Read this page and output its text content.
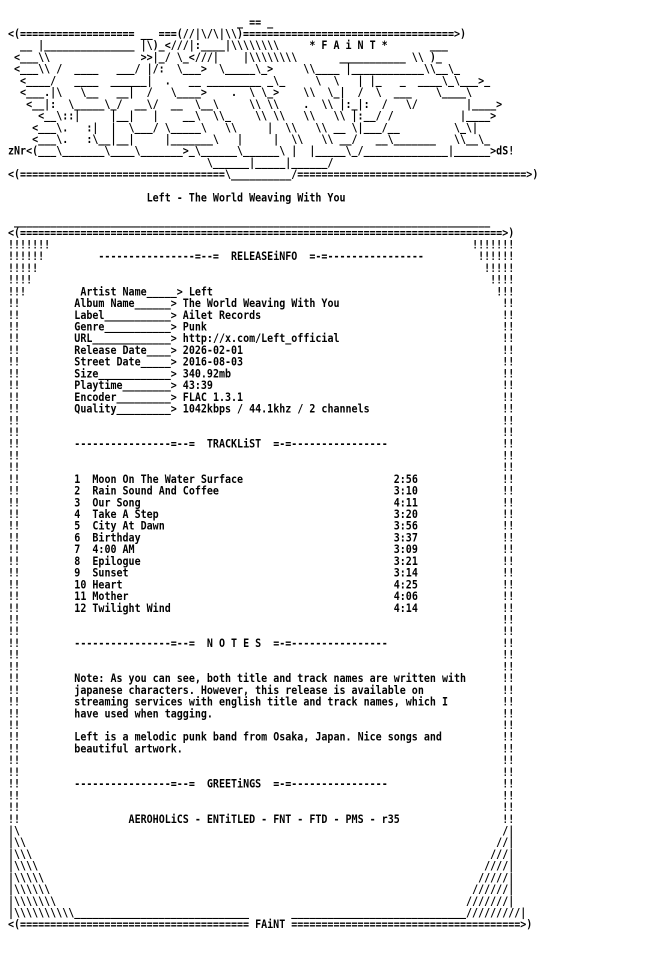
_ == _
<(=================== __ ===(//|\/\|\\)===================================>)
__ |_______________ |\)_<///|:____|\\\\\\\\     * F A i N T *       ___
<___\\               >>|_/ \_<///|    |\\\\\\\\       ___________ \\ )_
<___\\ /  ____   ___/ |/:  \___>  \_____\_>     \\____ |____________\\__\_
<____/   ____  ______|  .   __ _________ _\_     \  \   | |_   _  ____\_\___>_
<___.|\   \__   __|  /   \____>    .  \ \_>    \\  \_|  /  \  ___    \____\
<__|:  \_____\_/  __\/  __  \__\     \\ \\    .  \\ |:_|:  /   \/        |____>
<__\::|     |__|   |    __\  \\_    \\ \\   \\   \\ |:__/ /           |____>
<___\.   :|  |  \___/ \_____\   \\     |  \\   \\ __ \|___/__         \_\|
<___\.   :\__|__|     |_______\   |     |  \\   \\ __/   __\_______   \\__\_
zNr<(___\_______\____\_______>_\______\______\ |  |_____\_/______________|______>dS!
\______|_____|______/
<(==================================\__________/======================================>)
Left - The World Weaving With You
_______________________________________________________________________________
<(================================================================================>)
!!!!!!!	!!!!!!!
!!!!!!         ----------------=--=  RELEASEiNFO  =-=----------------	!!!!!!
!!!!!	!!!!!
!!!!	!!!!
!!!	Artist Name_____> Left	!!!
!!	Album Name______> The World Weaving With You	!!
!!	Label___________> Ailet Records	!!
!!	Genre___________> Punk	!!
!!	URL_____________> http://x.com/Left_official	!!
!!	Release Date____> 2026-02-01	!!
!!	Street Date_____> 2016-08-03	!!
!!	Size____________> 340.92mb	!!
!!	Playtime________> 43:39	!!
!!	Encoder_________> FLAC 1.3.1	!!
!!	Quality_________> 1042kbps / 44.1khz / 2 channels	!!
!!	!!
!!	!!
!!         ----------------=--=  TRACKLiST  =-=----------------	!!
!!	!!
!!	!!
!!	1 Moon On The Water Surface	2:56	!!
!!	2 Rain Sound And Coffee	3:10	!!
!!	3 Our Song	4:11	!!
!!	4 Take A Step	3:20	!!
!!	5 City At Dawn	3:56	!!
!!	6 Birthday	3:37	!!
!!	7 4:00 AM	3:09	!!
!!	8 Epilogue	3:21	!!
!!	9 Sunset	3:14	!!
!!	10 Heart	4:25	!!
!!	11 Mother	4:06	!!
!!	12 Twilight Wind	4:14	!!
!!	!!
!!	!!
!!         ----------------=--=  N O T E S  =-=----------------	!!
!!	!!
!!	!!
!!	Note: As you can see, both title and track names are written with	!!
!!	japanese characters. However, this release is available on	!!
!!	streaming services with english title and track names, which I	!!
!!	have used when tagging.	!!
!!	!!
!!	Left is a melodic punk band from Osaka, Japan. Nice songs and	!!
!!	beautiful artwork.	!!
!!	!!
!!	!!
!!         ----------------=--=  GREETiNGS  =-=----------------	!!
!!	!!
!!	!!
!!	AEROHOLiCS - ENTiTLED - FNT - FTD - PMS - r35	!!
|\	/|
|\\	//|
|\\\	///|
|\\\\	////|
|\\\\\	/////|
|\\\\\\	//////|
|\\\\\\\	///////|
|\\\\\\\\\\_____________________________       _____________________________/////////|
<(====================================== FAiNT ======================================>)
